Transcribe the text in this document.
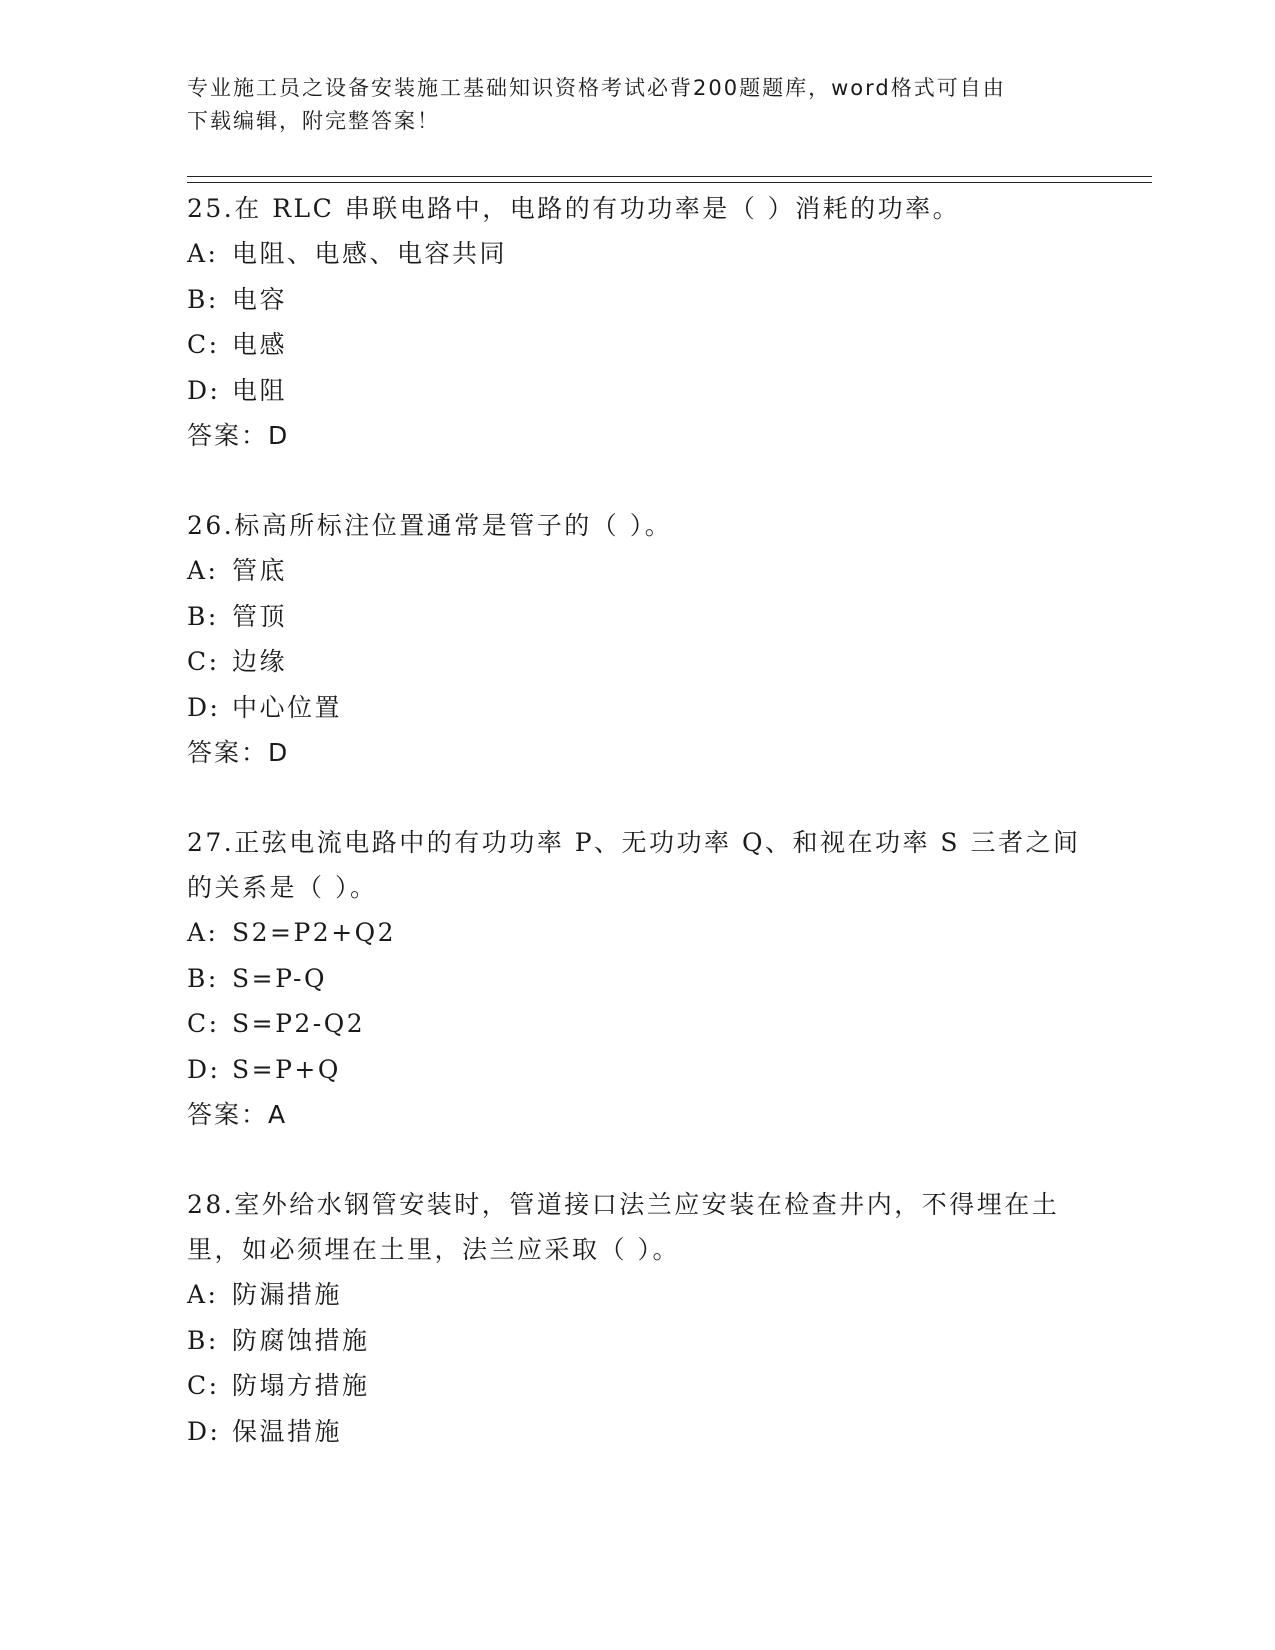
专业施工员之设备安装施工基础知识资格考试必背200题题库，word格式可自由
下载编辑，附完整答案！

25.在 RLC 串联电路中，电路的有功功率是（ ）消耗的功率。

A: 电阻、电感、电容共同

B: 电容

C: 电感

D: 电阻

答案：D

26.标高所标注位置通常是管子的（ ）。

A: 管底

B: 管顶

C: 边缘

D: 中心位置

答案：D

27.正弦电流电路中的有功功率 P、无功功率 Q、和视在功率 S 三者之间的关系是（ ）。

A: S2=P2+Q2

B: S=P-Q

C: S=P2-Q2

D: S=P+Q

答案：A

28.室外给水钢管安装时，管道接口法兰应安装在检查井内，不得埋在土里，如必须埋在土里，法兰应采取（ ）。

A: 防漏措施

B: 防腐蚀措施

C: 防塌方措施

D: 保温措施
